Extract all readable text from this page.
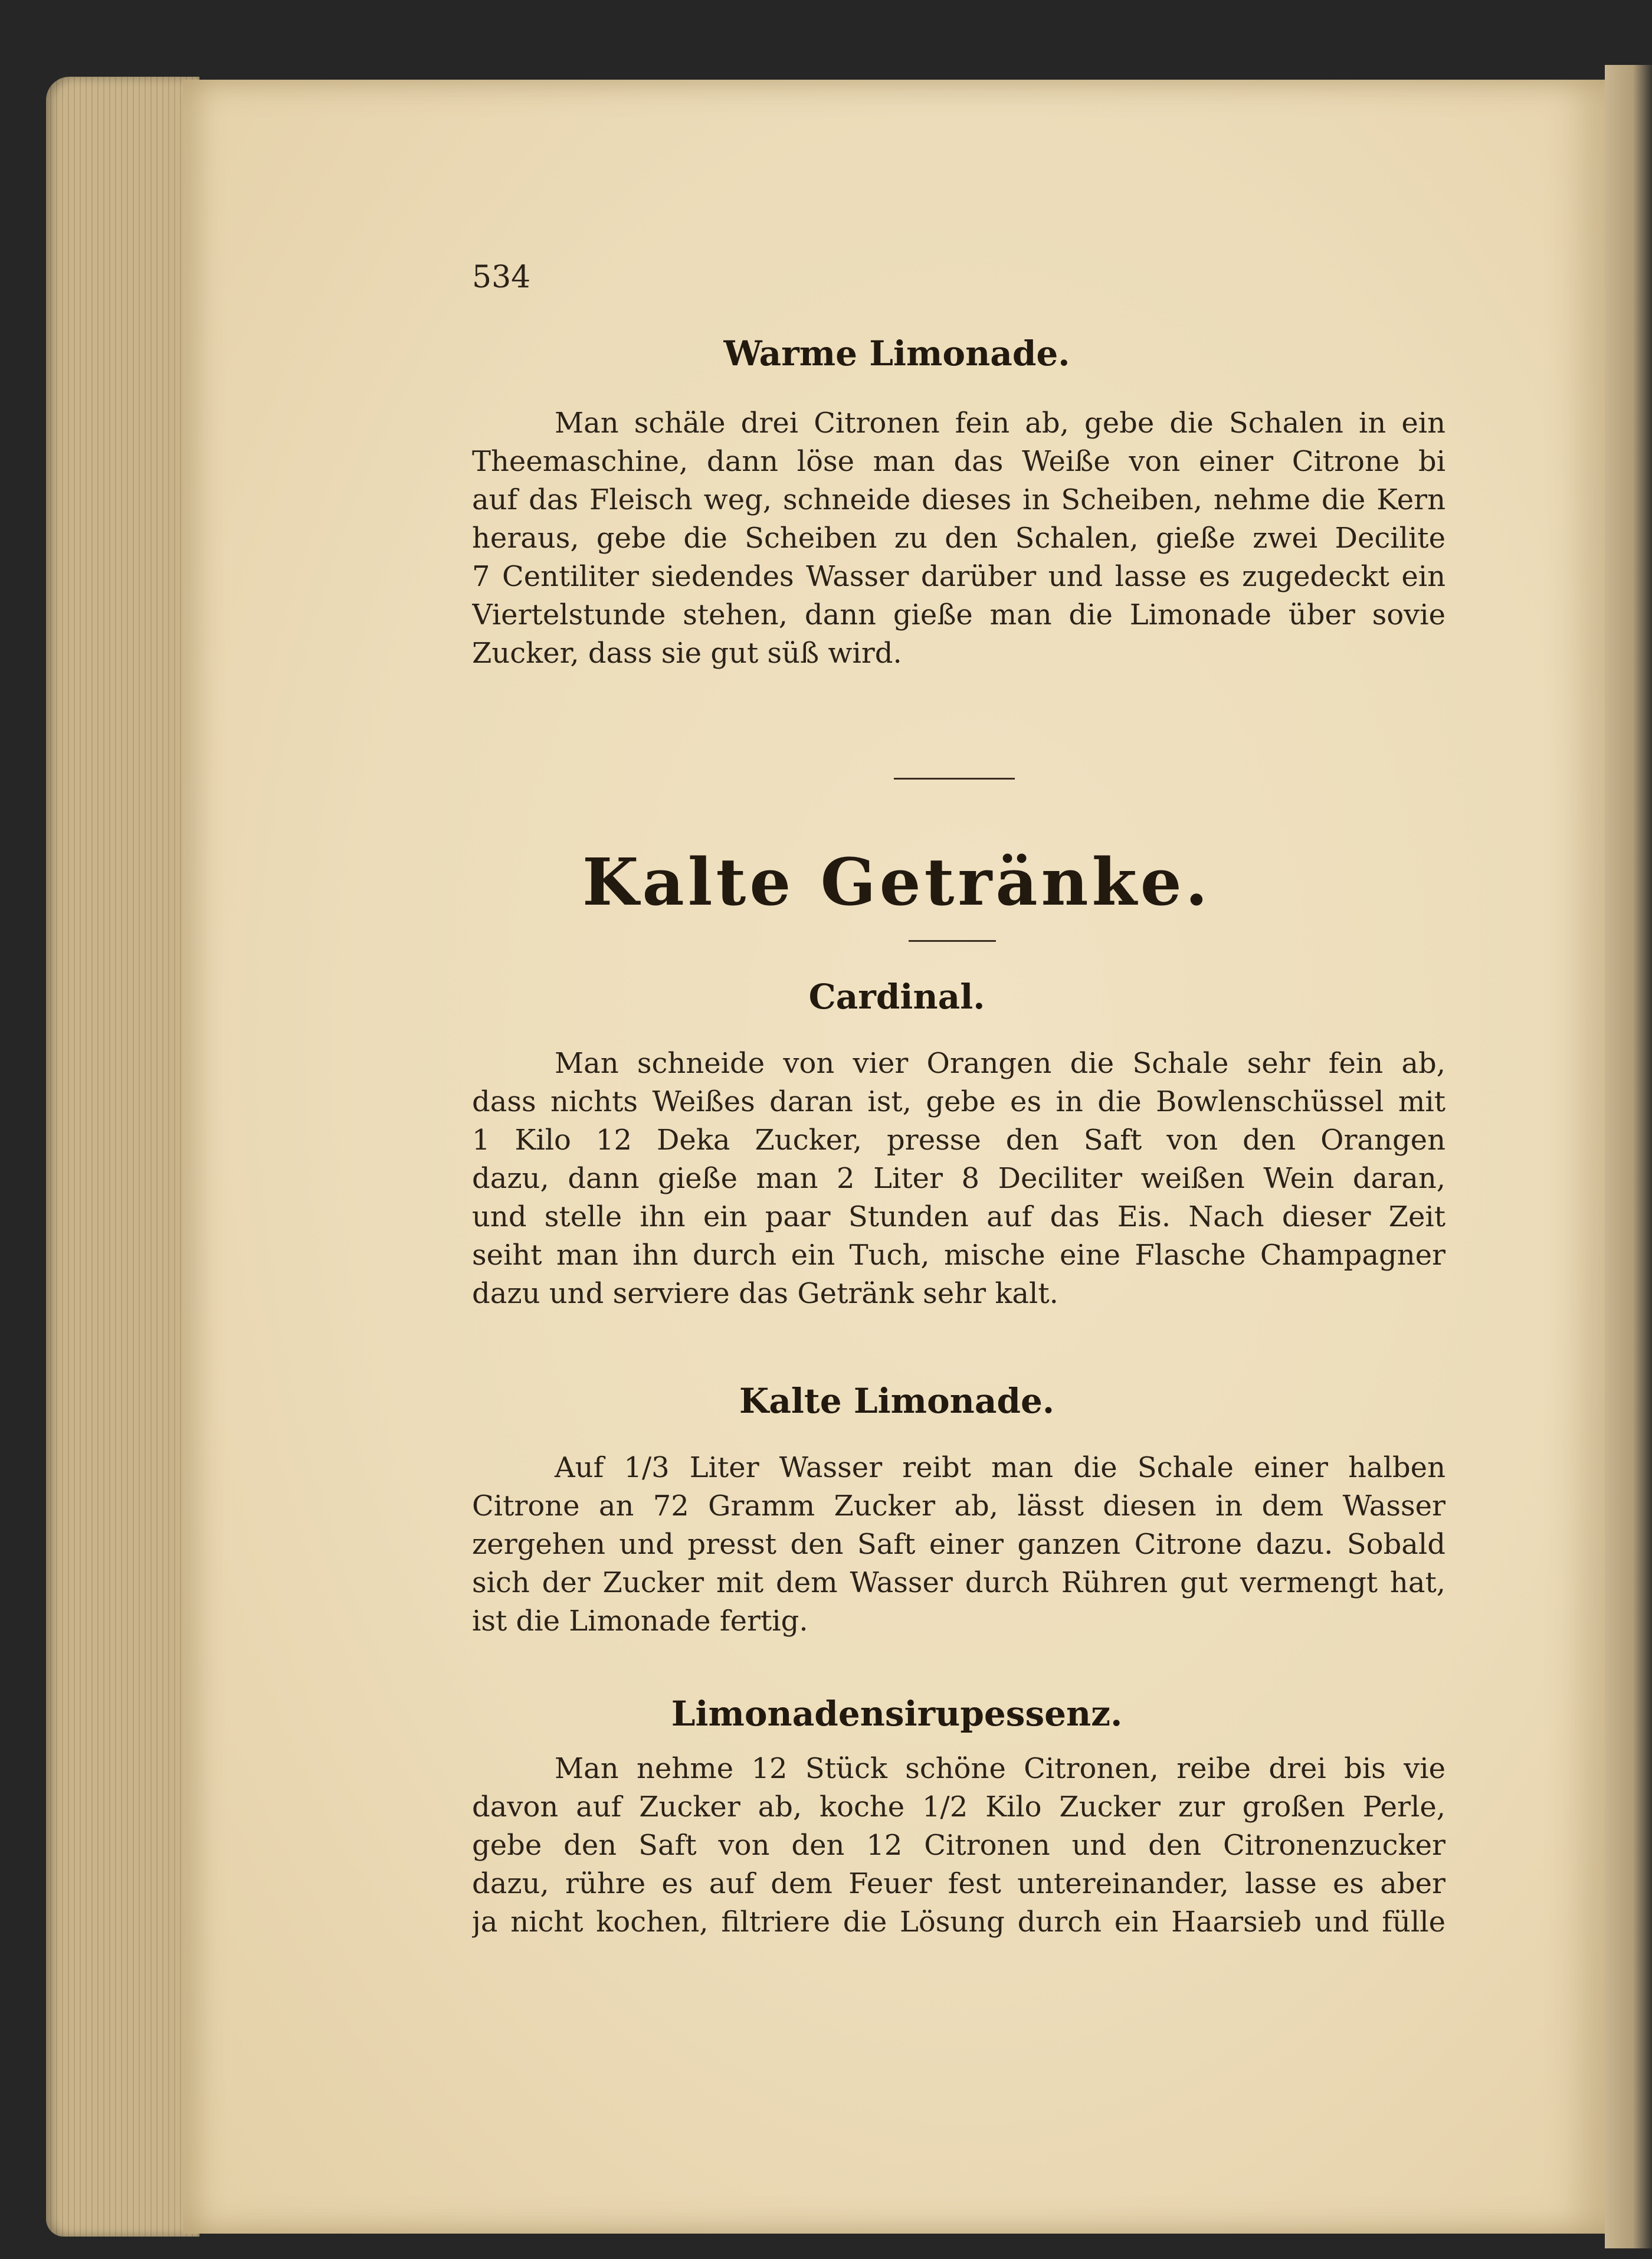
534
Warme Limonade.
Man schäle drei Citronen fein ab, gebe die Schalen in ein
Theemaschine, dann löse man das Weiße von einer Citrone bi
auf das Fleisch weg, schneide dieses in Scheiben, nehme die Kern
heraus, gebe die Scheiben zu den Schalen, gieße zwei Decilite
7 Centiliter siedendes Wasser darüber und lasse es zugedeckt ein
Viertelstunde stehen, dann gieße man die Limonade über sovie
Zucker, dass sie gut süß wird.
Kalte Getränke.
Cardinal.
Man schneide von vier Orangen die Schale sehr fein ab,
dass nichts Weißes daran ist, gebe es in die Bowlenschüssel mit
1 Kilo 12 Deka Zucker, presse den Saft von den Orangen
dazu, dann gieße man 2 Liter 8 Deciliter weißen Wein daran,
und stelle ihn ein paar Stunden auf das Eis. Nach dieser Zeit
seiht man ihn durch ein Tuch, mische eine Flasche Champagner
dazu und serviere das Getränk sehr kalt.
Kalte Limonade.
Auf 1/3 Liter Wasser reibt man die Schale einer halben
Citrone an 72 Gramm Zucker ab, lässt diesen in dem Wasser
zergehen und presst den Saft einer ganzen Citrone dazu. Sobald
sich der Zucker mit dem Wasser durch Rühren gut vermengt hat,
ist die Limonade fertig.
Limonadensirupessenz.
Man nehme 12 Stück schöne Citronen, reibe drei bis vie
davon auf Zucker ab, koche 1/2 Kilo Zucker zur großen Perle,
gebe den Saft von den 12 Citronen und den Citronenzucker
dazu, rühre es auf dem Feuer fest untereinander, lasse es aber
ja nicht kochen, filtriere die Lösung durch ein Haarsieb und fülle
